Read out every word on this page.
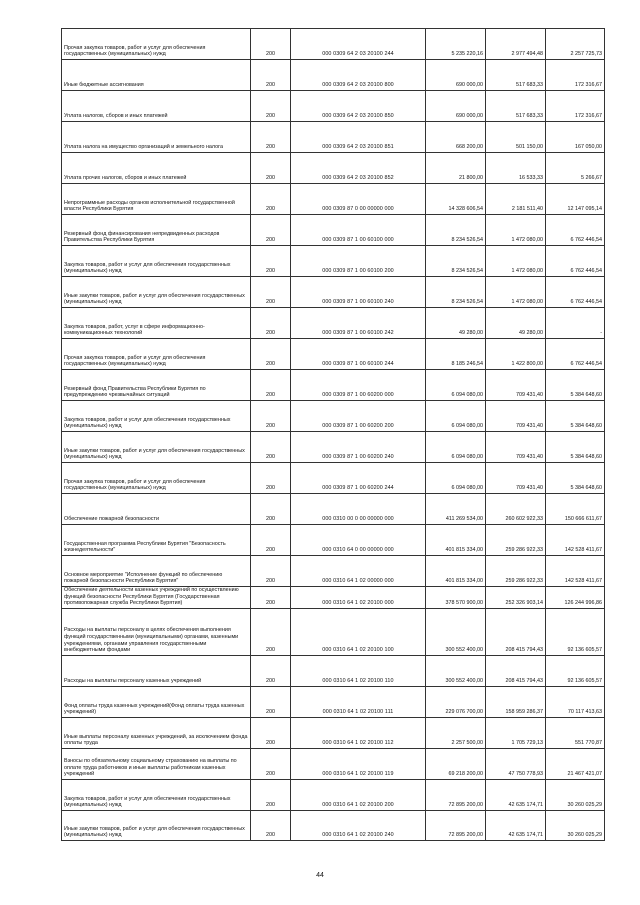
Прочая закупка товаров, работ и услуг для обеспечения государственных (муниципальных) нужд	200	000 0309 64 2 03 20100 244	5 235 220,16	2 977 494,48	2 257 725,73
Иные бюджетные ассигнования	200	000 0309 64 2 03 20100 800	690 000,00	517 683,33	172 316,67
Уплата налогов, сборов и иных платежей	200	000 0309 64 2 03 20100 850	690 000,00	517 683,33	172 316,67
Уплата налога на имущество организаций и земельного налога	200	000 0309 64 2 03 20100 851	668 200,00	501 150,00	167 050,00
Уплата прочих налогов, сборов и иных платежей	200	000 0309 64 2 03 20100 852	21 800,00	16 533,33	5 266,67
Непрограммные расходы органов исполнительной государственной власти Республики Бурятия	200	000 0309 87 0 00 00000 000	14 328 606,54	2 181 511,40	12 147 095,14
Резервный фонд финансирования непредвиденных расходов Правительства Республики Бурятия	200	000 0309 87 1 00 60100 000	8 234 526,54	1 472 080,00	6 762 446,54
Закупка товаров, работ и услуг для обеспечения государственных (муниципальных) нужд	200	000 0309 87 1 00 60100 200	8 234 526,54	1 472 080,00	6 762 446,54
Иные закупки товаров, работ и услуг для обеспечения государственных (муниципальных) нужд	200	000 0309 87 1 00 60100 240	8 234 526,54	1 472 080,00	6 762 446,54
Закупка товаров, работ, услуг в сфере информационно-коммуникационных технологий	200	000 0309 87 1 00 60100 242	49 280,00	49 280,00	-
Прочая закупка товаров, работ и услуг для обеспечения государственных (муниципальных) нужд	200	000 0309 87 1 00 60100 244	8 185 246,54	1 422 800,00	6 762 446,54
Резервный фонд Правительства Республики Бурятия по предупреждению чрезвычайных ситуаций	200	000 0309 87 1 00 60200 000	6 094 080,00	709 431,40	5 384 648,60
Закупка товаров, работ и услуг для обеспечения государственных (муниципальных) нужд	200	000 0309 87 1 00 60200 200	6 094 080,00	709 431,40	5 384 648,60
Иные закупки товаров, работ и услуг для обеспечения государственных (муниципальных) нужд	200	000 0309 87 1 00 60200 240	6 094 080,00	709 431,40	5 384 648,60
Прочая закупка товаров, работ и услуг для обеспечения государственных (муниципальных) нужд	200	000 0309 87 1 00 60200 244	6 094 080,00	709 431,40	5 384 648,60
Обеспечение пожарной безопасности	200	000 0310 00 0 00 00000 000	411 269 534,00	260 602 922,33	150 666 611,67
Государственная программа Республики Бурятия "Безопасность жизнедеятельности"	200	000 0310 64 0 00 00000 000	401 815 334,00	259 286 922,33	142 528 411,67
Основное мероприятие "Исполнение функций по обеспечению пожарной безопасности Республики Бурятия"	200	000 0310 64 1 02 00000 000	401 815 334,00	259 286 922,33	142 528 411,67
Обеспечение деятельности казенных учреждений по осуществлению функций безопасности Республики Бурятия (Государственная противопожарная служба Республики Бурятия)	200	000 0310 64 1 02 20100 000	378 570 900,00	252 326 903,14	126 244 996,86
Расходы на выплаты персоналу в целях обеспечения выполнения функций государственными (муниципальными) органами, казенными учреждениями, органами управления государственными внебюджетными фондами	200	000 0310 64 1 02 20100 100	300 552 400,00	208 415 794,43	92 136 605,57
Расходы на выплаты персоналу казенных учреждений	200	000 0310 64 1 02 20100 110	300 552 400,00	208 415 794,43	92 136 605,57
Фонд оплаты труда казенных учреждений(Фонд оплаты труда казенных учреждений)	200	000 0310 64 1 02 20100 111	229 076 700,00	158 959 286,37	70 117 413,63
Иные выплаты персоналу казенных учреждений, за исключением фонда оплаты труда	200	000 0310 64 1 02 20100 112	2 257 500,00	1 705 729,13	551 770,87
Взносы по обязательному социальному страхованию на выплаты по оплате труда работников и иные выплаты работникам казенных учреждений	200	000 0310 64 1 02 20100 119	69 218 200,00	47 750 778,93	21 467 421,07
Закупка товаров, работ и услуг для обеспечения государственных (муниципальных) нужд	200	000 0310 64 1 02 20100 200	72 895 200,00	42 635 174,71	30 260 025,29
Иные закупки товаров, работ и услуг для обеспечения государственных (муниципальных) нужд	200	000 0310 64 1 02 20100 240	72 895 200,00	42 635 174,71	30 260 025,29
44
